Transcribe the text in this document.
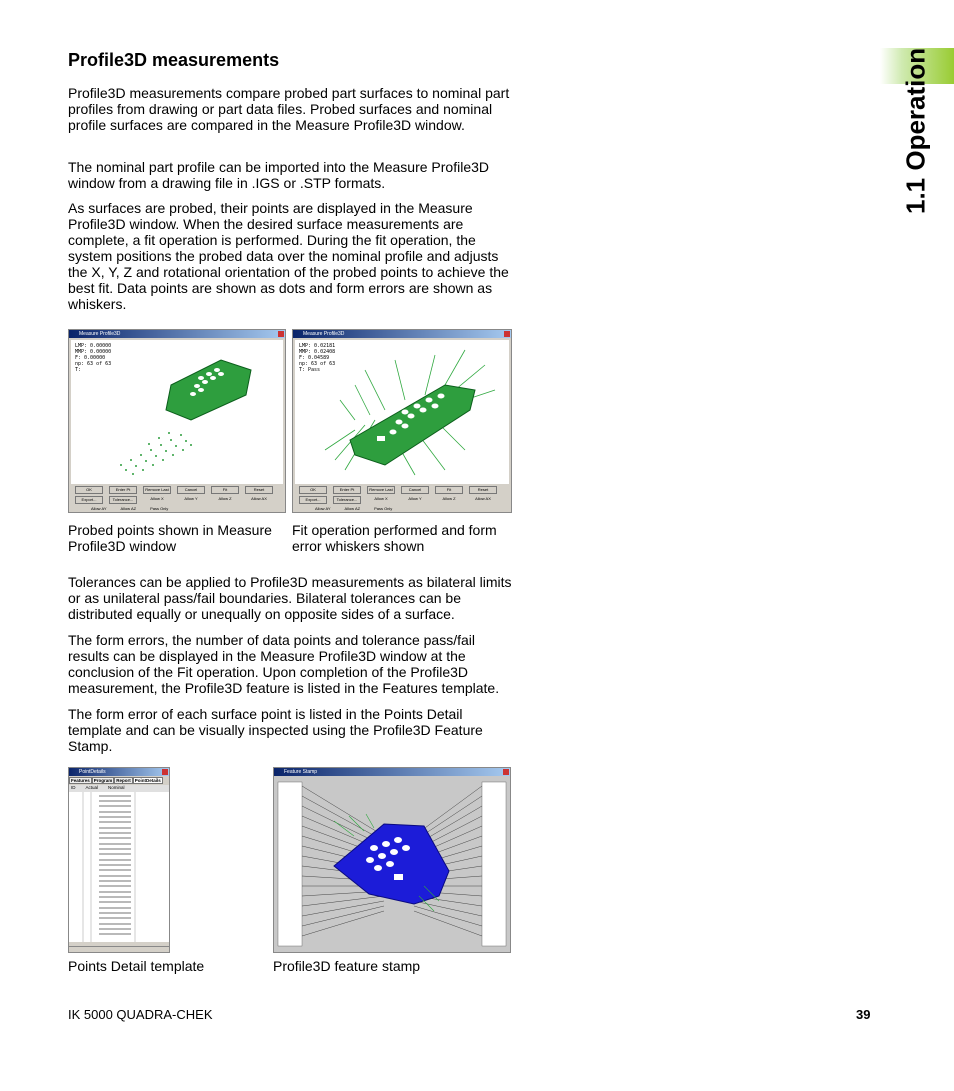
1.1 Operation
Profile3D measurements

Profile3D measurements compare probed part surfaces to nominal part profiles from drawing or part data files. Probed surfaces and nominal profile surfaces are compared in the Measure Profile3D window.

The nominal part profile can be imported into the Measure Profile3D window from a drawing file in .IGS or .STP formats.

As surfaces are probed, their points are displayed in the Measure Profile3D window. When the desired surface measurements are complete, a fit operation is performed. During the fit operation, the system positions the probed data over the nominal profile and adjusts the X, Y, Z and rotational orientation of the probed points to achieve the best fit. Data points are shown as dots and form errors are shown as whiskers.

Measure Profile3D
LMP: 0.00000
MMP: 0.00000
F: 0.00000
np: 63 of 63
T:
OK	Enter Pt	Remove Last	Cancel	Fit	Reset
Export...	Tolerance...	Allow X	Allow Y	Allow Z	Allow AX
Allow AY	Allow AZ	Pass Only

Probed points shown in Measure Profile3D window

Measure Profile3D
LMP: 0.02181
MMP: 0.02408
F: 0.04589
np: 63 of 63
T: Pass
OK	Enter Pt	Remove Last	Cancel	Fit	Reset
Export...	Tolerance...	Allow X	Allow Y	Allow Z	Allow AX
Allow AY	Allow AZ	Pass Only

Fit operation performed and form error whiskers shown

Tolerances can be applied to Profile3D measurements as bilateral limits or as unilateral pass/fail boundaries. Bilateral tolerances can be distributed equally or unequally on opposite sides of a surface.

The form errors, the number of data points and tolerance pass/fail results can be displayed in the Measure Profile3D window at the conclusion of the Fit operation. Upon completion of the Profile3D measurement, the Profile3D feature is listed in the Features template.

The form error of each surface point is listed in the Points Detail template and can be visually inspected using the Profile3D Feature Stamp.

PointDetails
Features Program Report PointDetails
ID Actual Nominal

Points Detail template

Feature Stamp

Profile3D feature stamp

IK 5000 QUADRA-CHEK	39
